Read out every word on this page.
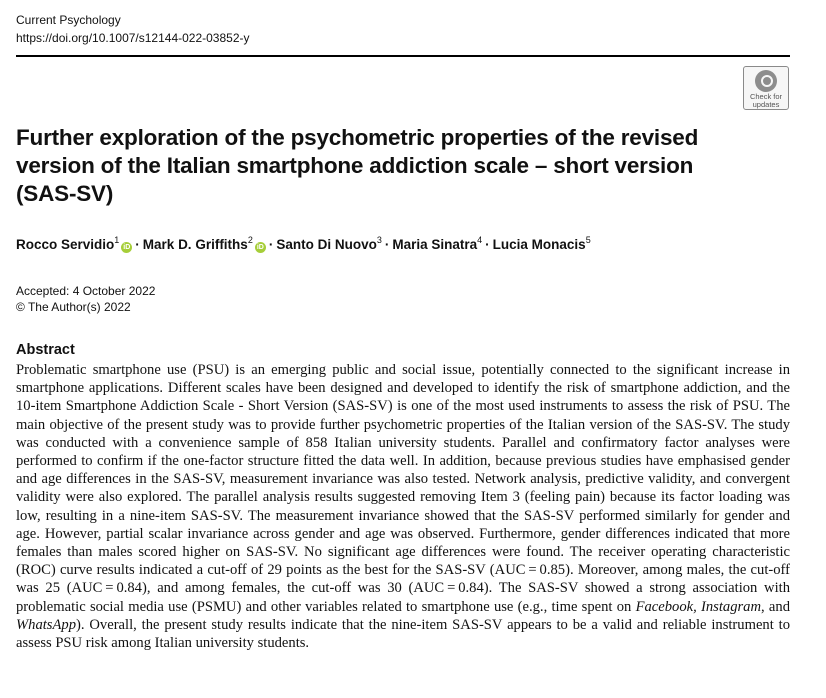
Current Psychology
https://doi.org/10.1007/s12144-022-03852-y
Check for
updates
Further exploration of the psychometric properties of the revised version of the Italian smartphone addiction scale – short version (SAS-SV)
Rocco Servidio$^1$iD · Mark D. Griffiths$^2$iD · Santo Di Nuovo$^3$ · Maria Sinatra$^4$ · Lucia Monacis$^5$
Accepted: 4 October 2022
© The Author(s) 2022
Abstract

Problematic smartphone use (PSU) is an emerging public and social issue, potentially connected to the significant increase in smartphone applications. Different scales have been designed and developed to identify the risk of smartphone addiction, and the 10-item Smartphone Addiction Scale - Short Version (SAS-SV) is one of the most used instruments to assess the risk of PSU. The main objective of the present study was to provide further psychometric properties of the Italian version of the SAS-SV. The study was conducted with a convenience sample of 858 Italian university students. Parallel and confirmatory factor analyses were performed to confirm if the one-factor structure fitted the data well. In addition, because previous studies have emphasised gender and age differences in the SAS-SV, measurement invariance was also tested. Network analysis, predictive validity, and convergent validity were also explored. The parallel analysis results suggested removing Item 3 (feeling pain) because its factor loading was low, resulting in a nine-item SAS-SV. The measurement invariance showed that the SAS-SV performed similarly for gender and age. However, partial scalar invariance across gender and age was observed. Furthermore, gender differences indicated that more females than males scored higher on SAS-SV. No significant age differences were found. The receiver operating characteristic (ROC) curve results indicated a cut-off of 29 points as the best for the SAS-SV (AUC = 0.85). Moreover, among males, the cut-off was 25 (AUC = 0.84), and among females, the cut-off was 30 (AUC = 0.84). The SAS-SV showed a strong association with problematic social media use (PSMU) and other variables related to smartphone use (e.g., time spent on Facebook, Instagram, and WhatsApp). Overall, the present study results indicate that the nine-item SAS-SV appears to be a valid and reliable instrument to assess PSU risk among Italian university students.
